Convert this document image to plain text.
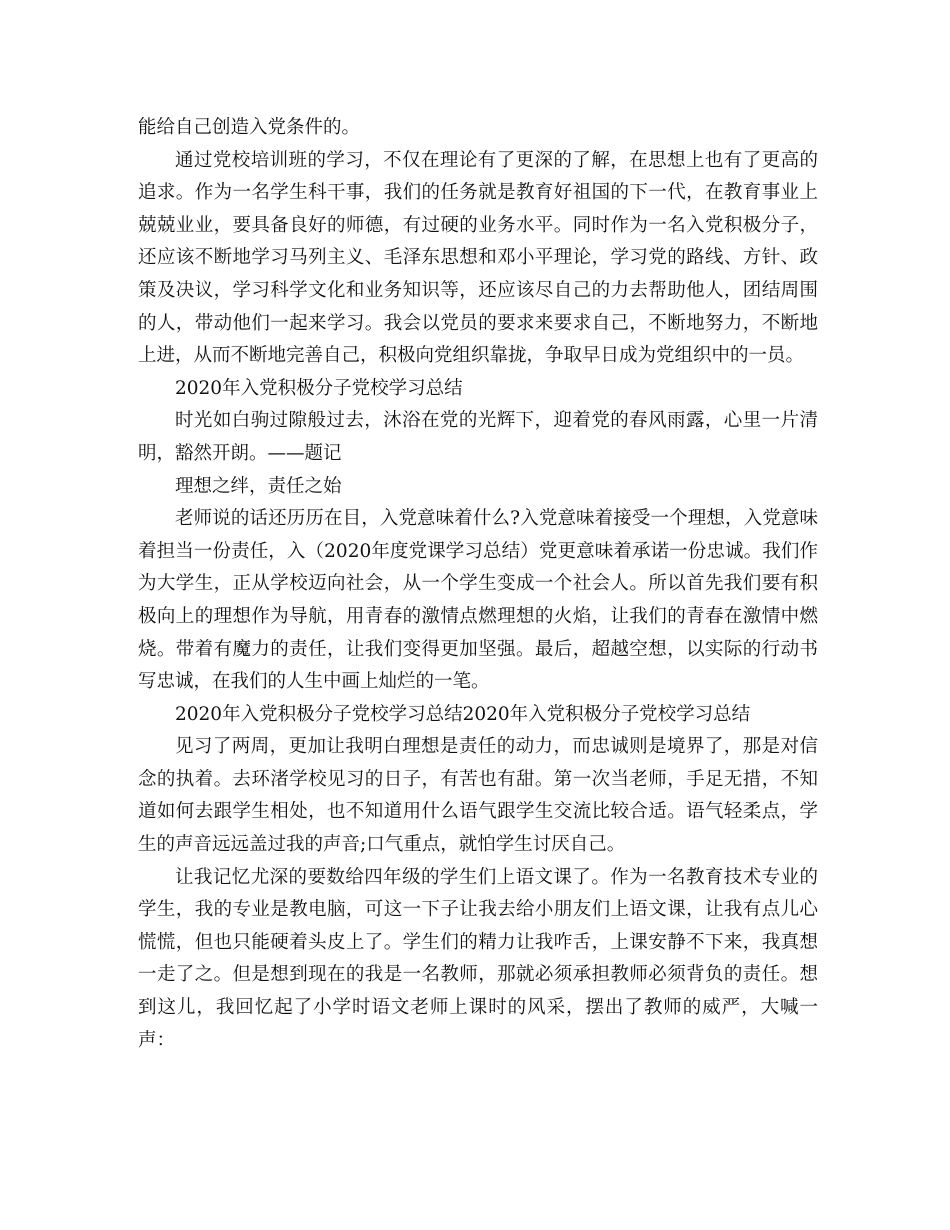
能给自己创造入党条件的。

通过党校培训班的学习，不仅在理论有了更深的了解，在思想上也有了更高的追求。作为一名学生科干事，我们的任务就是教育好祖国的下一代，在教育事业上兢兢业业，要具备良好的师德，有过硬的业务水平。同时作为一名入党积极分子，还应该不断地学习马列主义、毛泽东思想和邓小平理论，学习党的路线、方针、政策及决议，学习科学文化和业务知识等，还应该尽自己的力去帮助他人，团结周围的人，带动他们一起来学习。我会以党员的要求来要求自己，不断地努力，不断地上进，从而不断地完善自己，积极向党组织靠拢，争取早日成为党组织中的一员。

2020年入党积极分子党校学习总结

时光如白驹过隙般过去，沐浴在党的光辉下，迎着党的春风雨露，心里一片清明，豁然开朗。——题记

理想之绊，责任之始

老师说的话还历历在目，入党意味着什么?入党意味着接受一个理想，入党意味着担当一份责任，入（2020年度党课学习总结）党更意味着承诺一份忠诚。我们作为大学生，正从学校迈向社会，从一个学生变成一个社会人。所以首先我们要有积极向上的理想作为导航，用青春的激情点燃理想的火焰，让我们的青春在激情中燃烧。带着有魔力的责任，让我们变得更加坚强。最后，超越空想，以实际的行动书写忠诚，在我们的人生中画上灿烂的一笔。

2020年入党积极分子党校学习总结2020年入党积极分子党校学习总结

见习了两周，更加让我明白理想是责任的动力，而忠诚则是境界了，那是对信念的执着。去环渚学校见习的日子，有苦也有甜。第一次当老师，手足无措，不知道如何去跟学生相处，也不知道用什么语气跟学生交流比较合适。语气轻柔点，学生的声音远远盖过我的声音;口气重点，就怕学生讨厌自己。

让我记忆尤深的要数给四年级的学生们上语文课了。作为一名教育技术专业的学生，我的专业是教电脑，可这一下子让我去给小朋友们上语文课，让我有点儿心慌慌，但也只能硬着头皮上了。学生们的精力让我咋舌，上课安静不下来，我真想一走了之。但是想到现在的我是一名教师，那就必须承担教师必须背负的责任。想到这儿，我回忆起了小学时语文老师上课时的风采，摆出了教师的威严，大喊一声：
